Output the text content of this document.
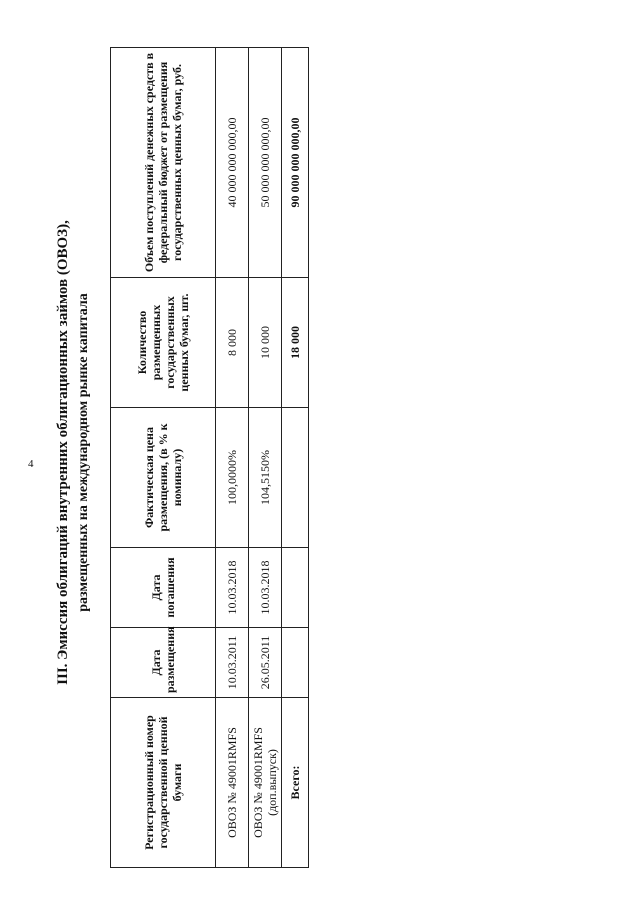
4 III. Эмиссия облигаций внутренних облигационных займов (ОВОЗ), размещенных на международном рынке капитала
Регистрационный номер государственной ценной бумаги	Дата размещения	Дата погашения	Фактическая цена размещения, (в % к номиналу)	Количество размещенных государственных ценных бумаг, шт.	Объем поступлений денежных средств в федеральный бюджет от размещения государственных ценных бумаг, руб.
ОВОЗ № 49001RMFS	10.03.2011	10.03.2018	100,0000%	8 000	40 000 000 000,00
ОВОЗ № 49001RMFS (доп.выпуск)	26.05.2011	10.03.2018	104,5150%	10 000	50 000 000 000,00
Всего:				18 000	90 000 000 000,00
